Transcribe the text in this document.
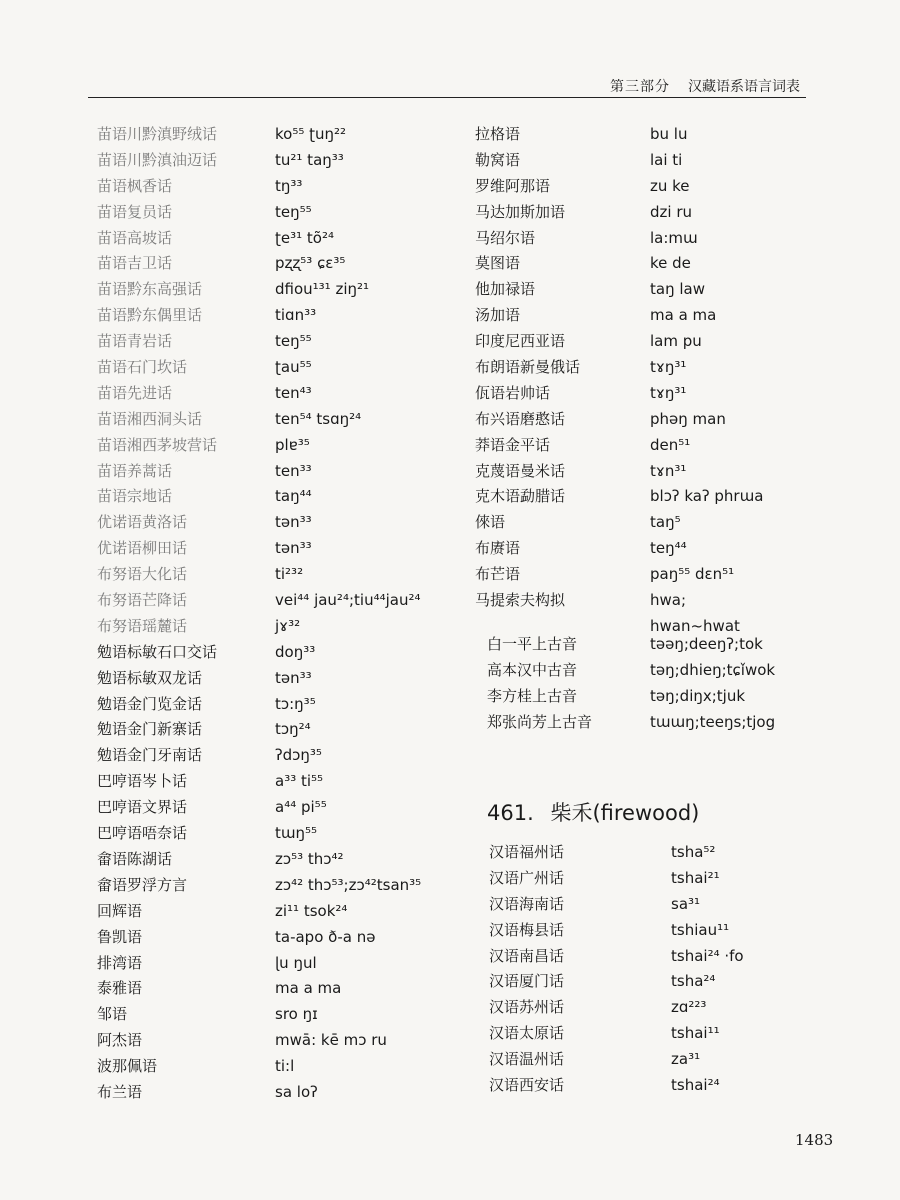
第三部分 汉藏语系语言词表
苗语川黔滇野绒话	ko⁵⁵ ʈuŋ²²
苗语川黔滇油迈话	tu²¹ taŋ³³
苗语枫香话	tŋ³³
苗语复员话	teŋ⁵⁵
苗语高坡话	ʈe³¹ tõ²⁴
苗语吉卫话	pʐʐ⁵³ ɕɛ³⁵
苗语黔东高强话	dfiou¹³¹ ziŋ²¹
苗语黔东偶里话	tiɑn³³
苗语青岩话	teŋ⁵⁵
苗语石门坎话	ʈau⁵⁵
苗语先进话	ten⁴³
苗语湘西洞头话	ten⁵⁴ tsɑŋ²⁴
苗语湘西茅坡营话	plɐ³⁵
苗语养蒿话	ten³³
苗语宗地话	taŋ⁴⁴
优诺语黄洛话	tən³³
优诺语柳田话	tən³³
布努语大化话	ti²³²
布努语芒降话	vei⁴⁴ jau²⁴;tiu⁴⁴jau²⁴
布努语瑶麓话	jɤ³²
勉语标敏石口交话	doŋ³³
勉语标敏双龙话	tən³³
勉语金门览金话	tɔ:ŋ³⁵
勉语金门新寨话	tɔŋ²⁴
勉语金门牙南话	ʔdɔŋ³⁵
巴哼语岑卜话	a³³ ti⁵⁵
巴哼语文界话	a⁴⁴ pi⁵⁵
巴哼语唔奈话	tɯŋ⁵⁵
畲语陈湖话	zɔ⁵³ thɔ⁴²
畲语罗浮方言	zɔ⁴² thɔ⁵³;zɔ⁴²tsan³⁵
回辉语	zi¹¹ tsok²⁴
鲁凯语	ta-apo ð-a nə
排湾语	ɭu ŋul
泰雅语	ma a ma
邹语	sro ŋɪ
阿杰语	mwā: kē mɔ ru
波那佩语	ti:l
布兰语	sa loʔ
拉格语	bu lu
勒窝语	lai ti
罗维阿那语	zu ke
马达加斯加语	dzi ru
马绍尔语	la:mɯ
莫图语	ke de
他加禄语	taŋ law
汤加语	ma a ma
印度尼西亚语	lam pu
布朗语新曼俄话	tɤŋ³¹
佤语岩帅话	tɤŋ³¹
布兴语磨憨话	phəŋ man
莽语金平话	den⁵¹
克蔑语曼米话	tɤn³¹
克木语勐腊话	blɔʔ kaʔ phrɯa
倈语	taŋ⁵
布赓语	teŋ⁴⁴
布芒语	paŋ⁵⁵ dɛn⁵¹
马提索夫构拟	hwa;
hwan~hwat
白一平上古音	təəŋ;deeŋʔ;tok
高本汉中古音	təŋ;dhieŋ;tɕǐwok
李方桂上古音	təŋ;diŋx;tjuk
郑张尚芳上古音	tɯɯŋ;teeŋs;tjog
461. 柴禾(firewood)
汉语福州话	tsha⁵²
汉语广州话	tshai²¹
汉语海南话	sa³¹
汉语梅县话	tshiau¹¹
汉语南昌话	tshai²⁴ ·fo
汉语厦门话	tsha²⁴
汉语苏州话	zɑ²²³
汉语太原话	tshai¹¹
汉语温州话	za³¹
汉语西安话	tshai²⁴
1483
